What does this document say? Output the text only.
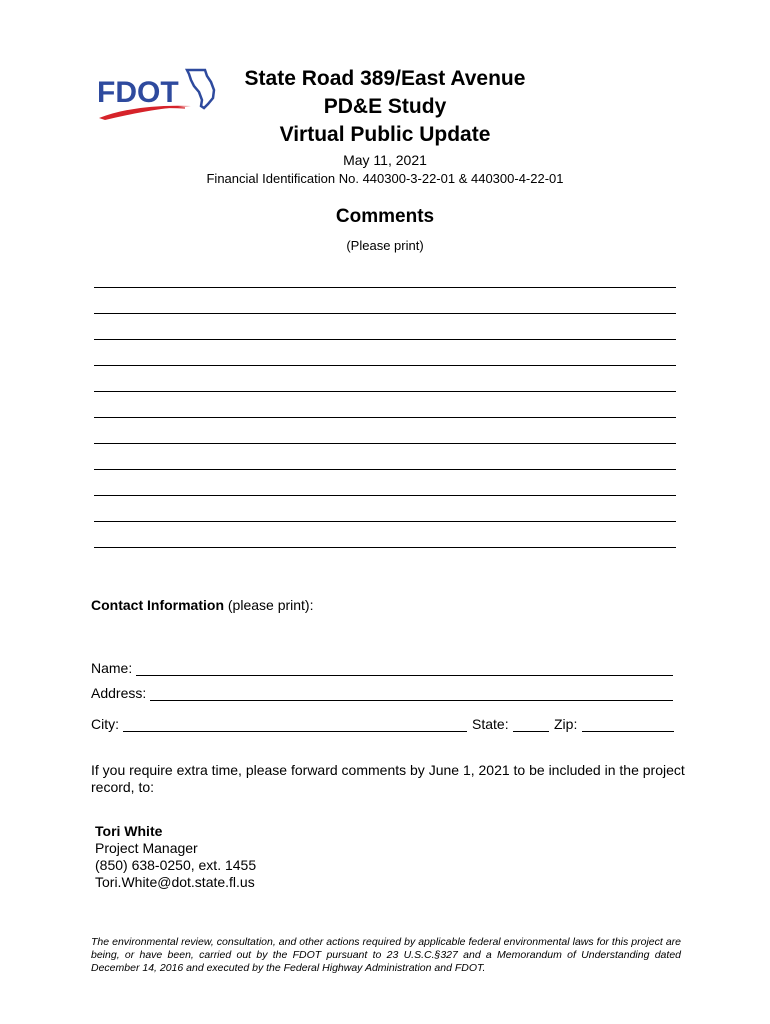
FDOT	State Road 389/East Avenue
PD&E Study
Virtual Public Update
May 11, 2021
Financial Identification No. 440300-3-22-01 & 440300-4-22-01
Comments
(Please print)
Contact Information (please print):
Name:
Address:
City:	State:	Zip:
If you require extra time, please forward comments by June 1, 2021 to be included in the project record, to:
Tori White
Project Manager
(850) 638-0250, ext. 1455
Tori.White@dot.state.fl.us
The environmental review, consultation, and other actions required by applicable federal environmental laws for this project are being, or have been, carried out by the FDOT pursuant to 23 U.S.C.§327 and a Memorandum of Understanding dated December 14, 2016 and executed by the Federal Highway Administration and FDOT.
